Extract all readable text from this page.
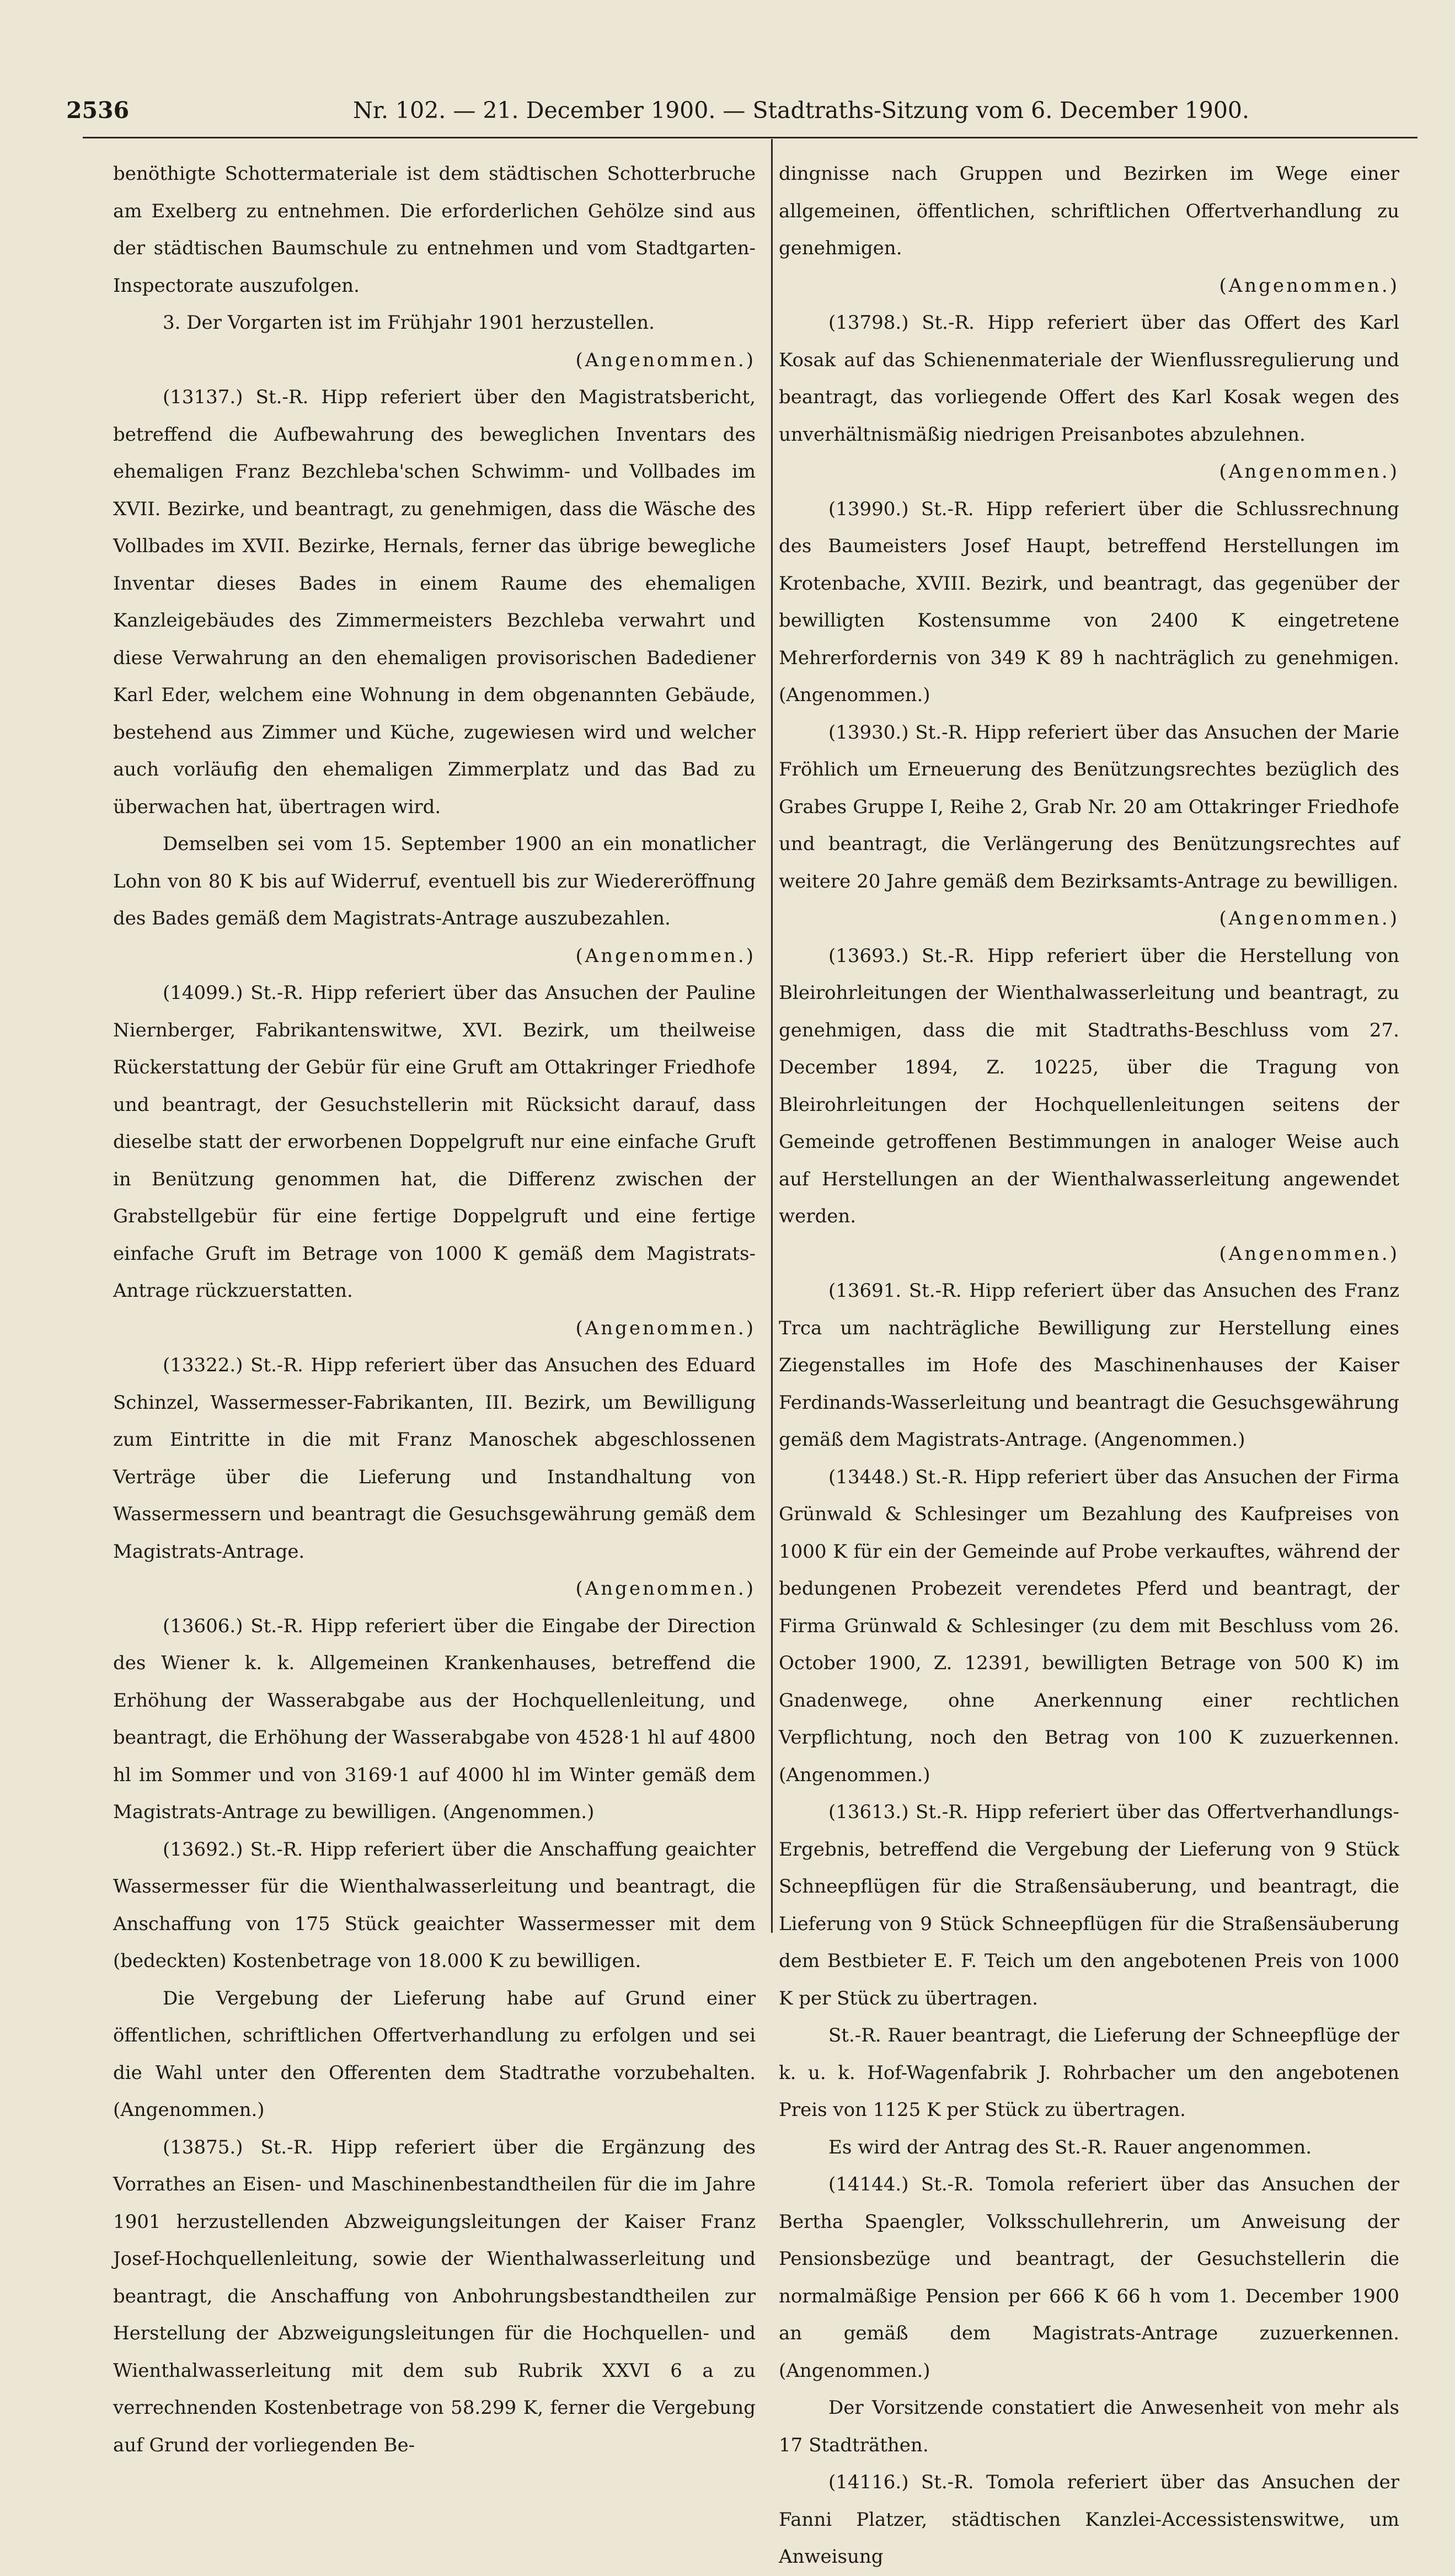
2536	Nr. 102. — 21. December 1900. — Stadtraths-Sitzung vom 6. December 1900.

benöthigte Schottermateriale ist dem städtischen Schotterbruche am Exelberg zu entnehmen. Die erforderlichen Gehölze sind aus der städtischen Baumschule zu entnehmen und vom Stadtgarten-Inspectorate auszufolgen.

3. Der Vorgarten ist im Frühjahr 1901 herzustellen.

(Angenommen.)

(13137.) St.-R. Hipp referiert über den Magistratsbericht, betreffend die Aufbewahrung des beweglichen Inventars des ehemaligen Franz Bezchleba'schen Schwimm- und Vollbades im XVII. Bezirke, und beantragt, zu genehmigen, dass die Wäsche des Vollbades im XVII. Bezirke, Hernals, ferner das übrige bewegliche Inventar dieses Bades in einem Raume des ehemaligen Kanzleigebäudes des Zimmermeisters Bezchleba verwahrt und diese Verwahrung an den ehemaligen provisorischen Badediener Karl Eder, welchem eine Wohnung in dem obgenannten Gebäude, bestehend aus Zimmer und Küche, zugewiesen wird und welcher auch vorläufig den ehemaligen Zimmerplatz und das Bad zu überwachen hat, übertragen wird.

Demselben sei vom 15. September 1900 an ein monatlicher Lohn von 80 K bis auf Widerruf, eventuell bis zur Wiedereröffnung des Bades gemäß dem Magistrats-Antrage auszubezahlen.

(Angenommen.)

(14099.) St.-R. Hipp referiert über das Ansuchen der Pauline Niernberger, Fabrikantenswitwe, XVI. Bezirk, um theilweise Rückerstattung der Gebür für eine Gruft am Ottakringer Friedhofe und beantragt, der Gesuchstellerin mit Rücksicht darauf, dass dieselbe statt der erworbenen Doppelgruft nur eine einfache Gruft in Benützung genommen hat, die Differenz zwischen der Grabstellgebür für eine fertige Doppelgruft und eine fertige einfache Gruft im Betrage von 1000 K gemäß dem Magistrats-Antrage rückzuerstatten.

(Angenommen.)

(13322.) St.-R. Hipp referiert über das Ansuchen des Eduard Schinzel, Wassermesser-Fabrikanten, III. Bezirk, um Bewilligung zum Eintritte in die mit Franz Manoschek abgeschlossenen Verträge über die Lieferung und Instandhaltung von Wassermessern und beantragt die Gesuchsgewährung gemäß dem Magistrats-Antrage.

(Angenommen.)

(13606.) St.-R. Hipp referiert über die Eingabe der Direction des Wiener k. k. Allgemeinen Krankenhauses, betreffend die Erhöhung der Wasserabgabe aus der Hochquellenleitung, und beantragt, die Erhöhung der Wasserabgabe von 4528·1 hl auf 4800 hl im Sommer und von 3169·1 auf 4000 hl im Winter gemäß dem Magistrats-Antrage zu bewilligen. (Angenommen.)

(13692.) St.-R. Hipp referiert über die Anschaffung geaichter Wassermesser für die Wienthalwasserleitung und beantragt, die Anschaffung von 175 Stück geaichter Wassermesser mit dem (bedeckten) Kostenbetrage von 18.000 K zu bewilligen.

Die Vergebung der Lieferung habe auf Grund einer öffentlichen, schriftlichen Offertverhandlung zu erfolgen und sei die Wahl unter den Offerenten dem Stadtrathe vorzubehalten. (Angenommen.)

(13875.) St.-R. Hipp referiert über die Ergänzung des Vorrathes an Eisen- und Maschinenbestandtheilen für die im Jahre 1901 herzustellenden Abzweigungsleitungen der Kaiser Franz Josef-Hochquellenleitung, sowie der Wienthalwasserleitung und beantragt, die Anschaffung von Anbohrungsbestandtheilen zur Herstellung der Abzweigungsleitungen für die Hochquellen- und Wienthalwasserleitung mit dem sub Rubrik XXVI 6 a zu verrechnenden Kostenbetrage von 58.299 K, ferner die Vergebung auf Grund der vorliegenden Be-

dingnisse nach Gruppen und Bezirken im Wege einer allgemeinen, öffentlichen, schriftlichen Offertverhandlung zu genehmigen.

(Angenommen.)

(13798.) St.-R. Hipp referiert über das Offert des Karl Kosak auf das Schienenmateriale der Wienflussregulierung und beantragt, das vorliegende Offert des Karl Kosak wegen des unverhältnismäßig niedrigen Preisanbotes abzulehnen.

(Angenommen.)

(13990.) St.-R. Hipp referiert über die Schlussrechnung des Baumeisters Josef Haupt, betreffend Herstellungen im Krotenbache, XVIII. Bezirk, und beantragt, das gegenüber der bewilligten Kostensumme von 2400 K eingetretene Mehrerfordernis von 349 K 89 h nachträglich zu genehmigen. (Angenommen.)

(13930.) St.-R. Hipp referiert über das Ansuchen der Marie Fröhlich um Erneuerung des Benützungsrechtes bezüglich des Grabes Gruppe I, Reihe 2, Grab Nr. 20 am Ottakringer Friedhofe und beantragt, die Verlängerung des Benützungsrechtes auf weitere 20 Jahre gemäß dem Bezirksamts-Antrage zu bewilligen.

(Angenommen.)

(13693.) St.-R. Hipp referiert über die Herstellung von Bleirohrleitungen der Wienthalwasserleitung und beantragt, zu genehmigen, dass die mit Stadtraths-Beschluss vom 27. December 1894, Z. 10225, über die Tragung von Bleirohrleitungen der Hochquellenleitungen seitens der Gemeinde getroffenen Bestimmungen in analoger Weise auch auf Herstellungen an der Wienthalwasserleitung angewendet werden.

(Angenommen.)

(13691. St.-R. Hipp referiert über das Ansuchen des Franz Trca um nachträgliche Bewilligung zur Herstellung eines Ziegenstalles im Hofe des Maschinenhauses der Kaiser Ferdinands-Wasserleitung und beantragt die Gesuchsgewährung gemäß dem Magistrats-Antrage. (Angenommen.)

(13448.) St.-R. Hipp referiert über das Ansuchen der Firma Grünwald & Schlesinger um Bezahlung des Kaufpreises von 1000 K für ein der Gemeinde auf Probe verkauftes, während der bedungenen Probezeit verendetes Pferd und beantragt, der Firma Grünwald & Schlesinger (zu dem mit Beschluss vom 26. October 1900, Z. 12391, bewilligten Betrage von 500 K) im Gnadenwege, ohne Anerkennung einer rechtlichen Verpflichtung, noch den Betrag von 100 K zuzuerkennen. (Angenommen.)

(13613.) St.-R. Hipp referiert über das Offertverhandlungs-Ergebnis, betreffend die Vergebung der Lieferung von 9 Stück Schneepflügen für die Straßensäuberung, und beantragt, die Lieferung von 9 Stück Schneepflügen für die Straßensäuberung dem Bestbieter E. F. Teich um den angebotenen Preis von 1000 K per Stück zu übertragen.

St.-R. Rauer beantragt, die Lieferung der Schneepflüge der k. u. k. Hof-Wagenfabrik J. Rohrbacher um den angebotenen Preis von 1125 K per Stück zu übertragen.

Es wird der Antrag des St.-R. Rauer angenommen.

(14144.) St.-R. Tomola referiert über das Ansuchen der Bertha Spaengler, Volksschullehrerin, um Anweisung der Pensionsbezüge und beantragt, der Gesuchstellerin die normalmäßige Pension per 666 K 66 h vom 1. December 1900 an gemäß dem Magistrats-Antrage zuzuerkennen. (Angenommen.)

Der Vorsitzende constatiert die Anwesenheit von mehr als 17 Stadträthen.

(14116.) St.-R. Tomola referiert über das Ansuchen der Fanni Platzer, städtischen Kanzlei-Accessistenswitwe, um Anweisung
